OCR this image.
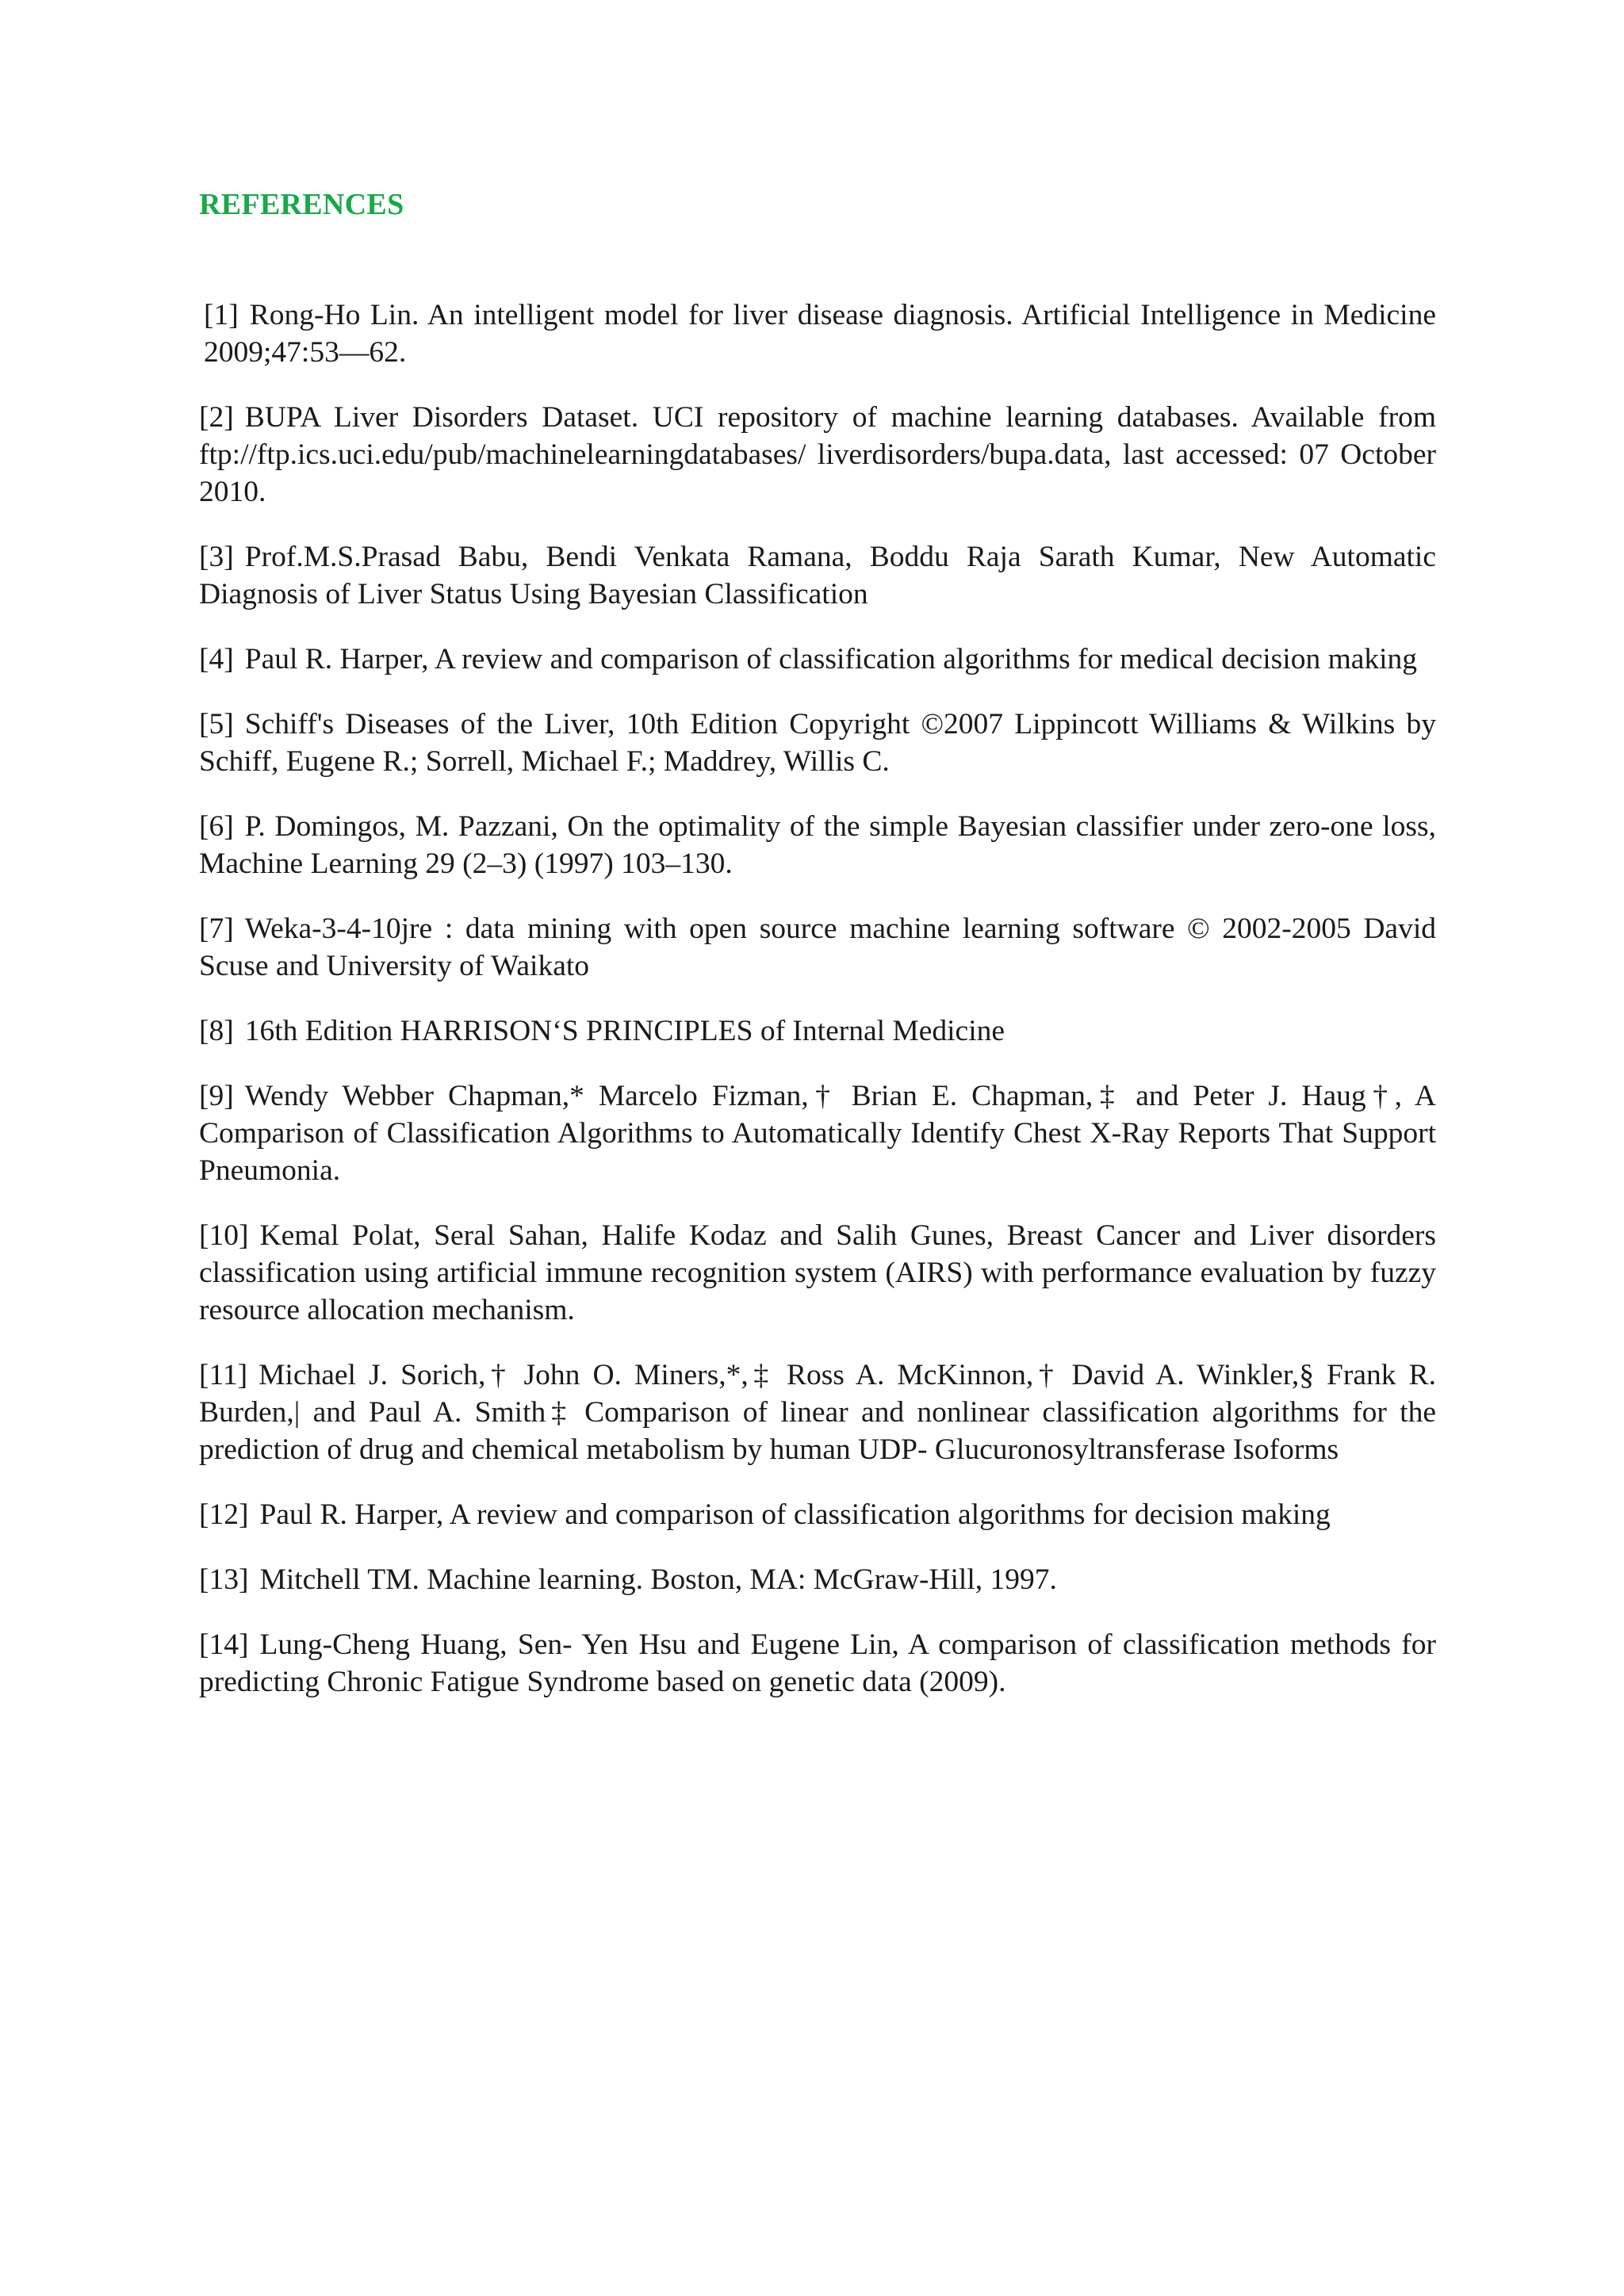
REFERENCES
[1] Rong-Ho Lin. An intelligent model for liver disease diagnosis. Artificial Intelligence in Medicine 2009;47:53—62.
[2] BUPA Liver Disorders Dataset. UCI repository of machine learning databases. Available from ftp://ftp.ics.uci.edu/pub/machinelearningdatabases/ liverdisorders/bupa.data, last accessed: 07 October 2010.
[3] Prof.M.S.Prasad Babu, Bendi Venkata Ramana, Boddu Raja Sarath Kumar, New Automatic Diagnosis of Liver Status Using Bayesian Classification
[4] Paul R. Harper, A review and comparison of classification algorithms for medical decision making
[5] Schiff's Diseases of the Liver, 10th Edition Copyright ©2007 Lippincott Williams & Wilkins by Schiff, Eugene R.; Sorrell, Michael F.; Maddrey, Willis C.
[6] P. Domingos, M. Pazzani, On the optimality of the simple Bayesian classifier under zero-one loss, Machine Learning 29 (2–3) (1997) 103–130.
[7] Weka-3-4-10jre : data mining with open source machine learning software © 2002-2005 David Scuse and University of Waikato
[8] 16th Edition HARRISON‘S PRINCIPLES of Internal Medicine
[9] Wendy Webber Chapman,* Marcelo Fizman,† Brian E. Chapman,‡ and Peter J. Haug†, A Comparison of Classification Algorithms to Automatically Identify Chest X-Ray Reports That Support Pneumonia.
[10] Kemal Polat, Seral Sahan, Halife Kodaz and Salih Gunes, Breast Cancer and Liver disorders classification using artificial immune recognition system (AIRS) with performance evaluation by fuzzy resource allocation mechanism.
[11] Michael J. Sorich,† John O. Miners,*,‡ Ross A. McKinnon,† David A. Winkler,§ Frank R. Burden,| and Paul A. Smith‡ Comparison of linear and nonlinear classification algorithms for the prediction of drug and chemical metabolism by human UDP- Glucuronosyltransferase Isoforms
[12] Paul R. Harper, A review and comparison of classification algorithms for decision making
[13] Mitchell TM. Machine learning. Boston, MA: McGraw-Hill, 1997.
[14] Lung-Cheng Huang, Sen- Yen Hsu and Eugene Lin, A comparison of classification methods for predicting Chronic Fatigue Syndrome based on genetic data (2009).
